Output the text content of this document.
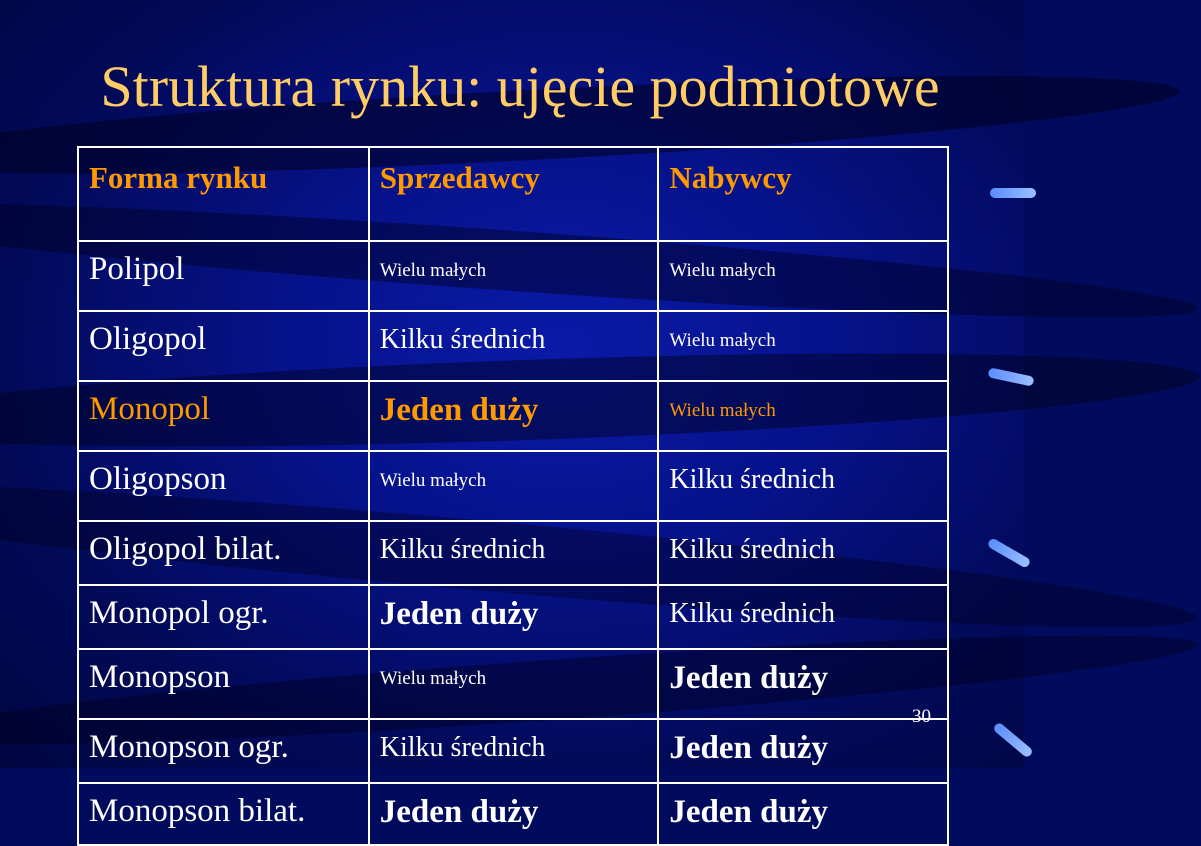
Struktura rynku: ujęcie podmiotowe
Forma rynku	Sprzedawcy	Nabywcy
Polipol	Wielu małych	Wielu małych
Oligopol	Kilku średnich	Wielu małych
Monopol	Jeden duży	Wielu małych
Oligopson	Wielu małych	Kilku średnich
Oligopol bilat.	Kilku średnich	Kilku średnich
Monopol ogr.	Jeden duży	Kilku średnich
Monopson	Wielu małych	Jeden duży
Monopson ogr.	Kilku średnich	Jeden duży
Monopson bilat.	Jeden duży	Jeden duży
30
